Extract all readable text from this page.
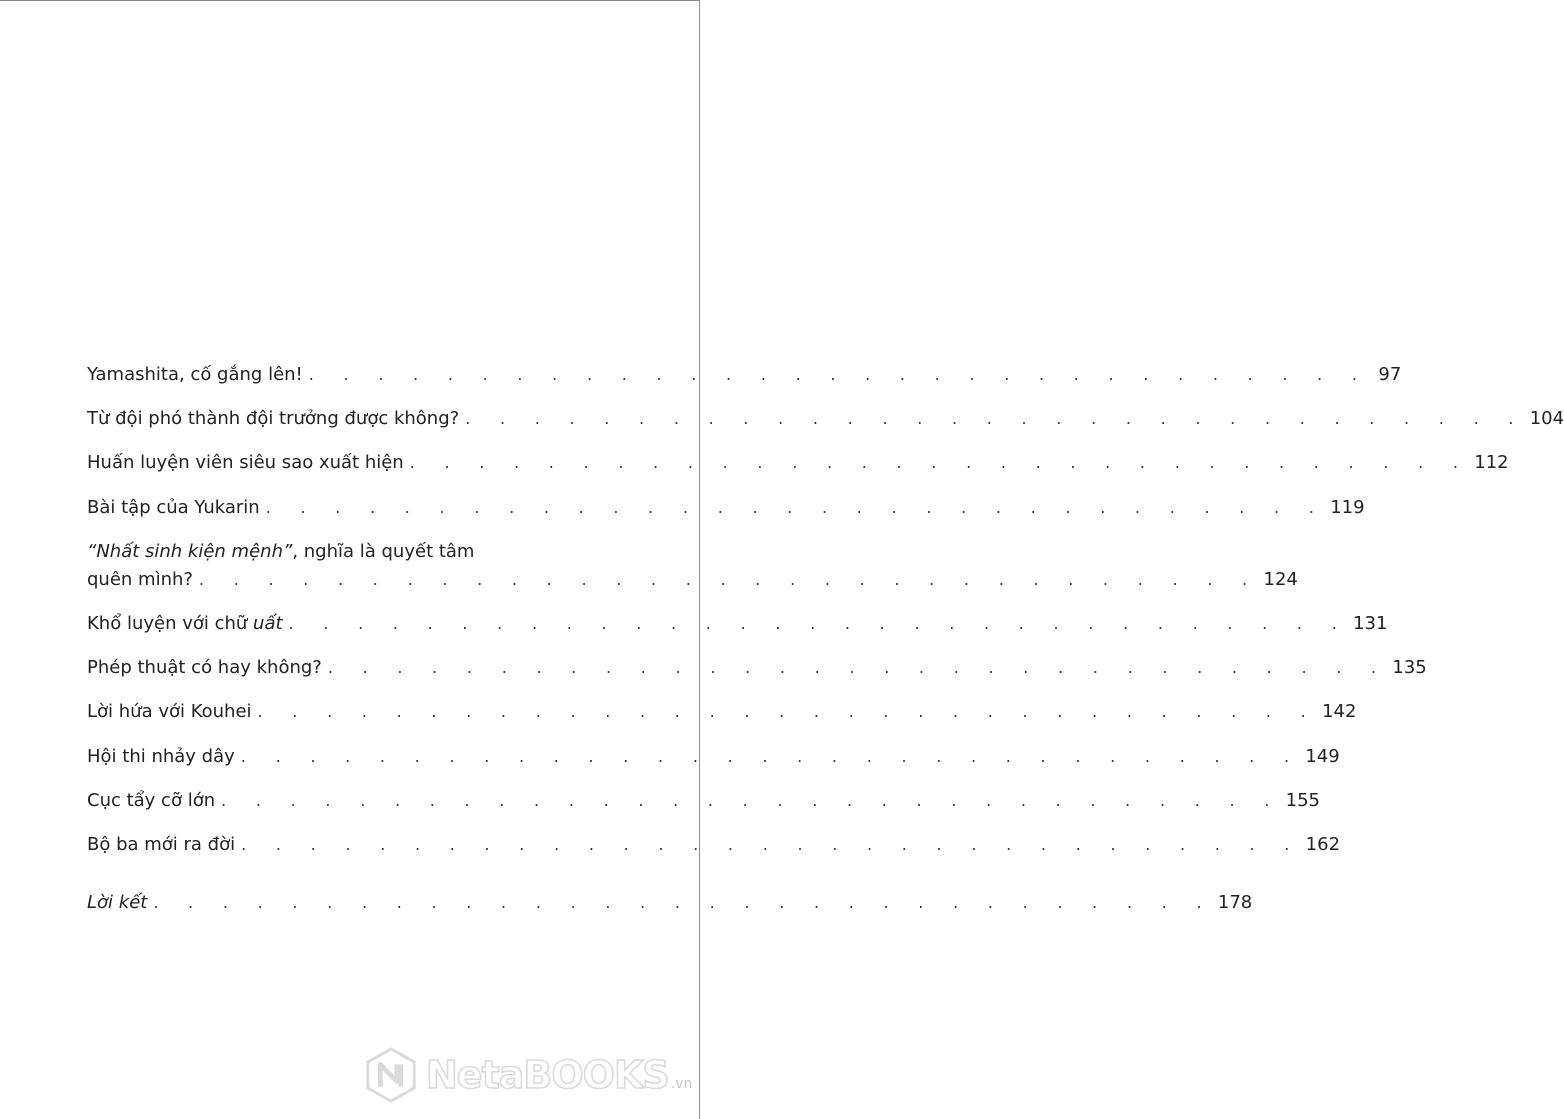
Yamashita, cố gắng lên! . . . . . . . . . . . . . . . . . . . . . . . . . . . . . . . 97
Từ đội phó thành đội trưởng được không? . . . . . . . . . . . . . . . . . . . . . . . . . . . . . . . 104
Huấn luyện viên siêu sao xuất hiện . . . . . . . . . . . . . . . . . . . . . . . . . . . . . . . 112
Bài tập của Yukarin . . . . . . . . . . . . . . . . . . . . . . . . . . . . . . . 119
“Nhất sinh kiện mệnh”, nghĩa là quyết tâm
quên mình? . . . . . . . . . . . . . . . . . . . . . . . . . . . . . . . 124
Khổ luyện với chữ uất . . . . . . . . . . . . . . . . . . . . . . . . . . . . . . . 131
Phép thuật có hay không? . . . . . . . . . . . . . . . . . . . . . . . . . . . . . . . 135
Lời hứa với Kouhei . . . . . . . . . . . . . . . . . . . . . . . . . . . . . . . 142
Hội thi nhảy dây . . . . . . . . . . . . . . . . . . . . . . . . . . . . . . . 149
Cục tẩy cỡ lớn . . . . . . . . . . . . . . . . . . . . . . . . . . . . . . . 155
Bộ ba mới ra đời . . . . . . . . . . . . . . . . . . . . . . . . . . . . . . . 162
Lời kết . . . . . . . . . . . . . . . . . . . . . . . . . . . . . . . 178
NetaBOOKS .vn
